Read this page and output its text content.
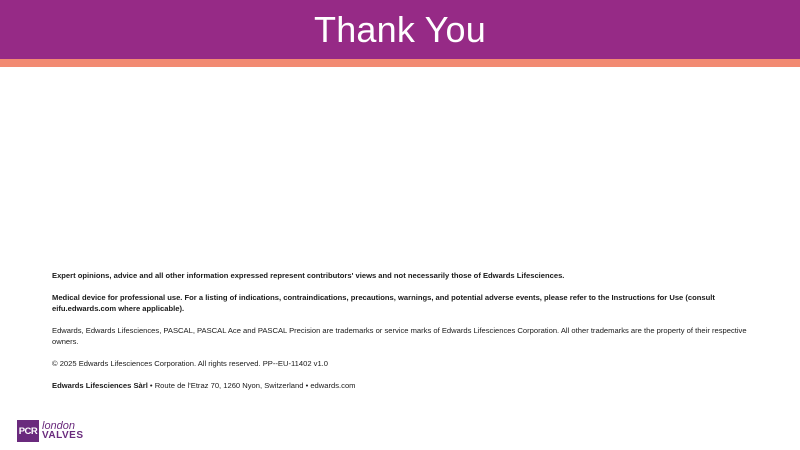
Thank You

Expert opinions, advice and all other information expressed represent contributors' views and not necessarily those of Edwards Lifesciences.

Medical device for professional use. For a listing of indications, contraindications, precautions, warnings, and potential adverse events, please refer to the Instructions for Use (consult eifu.edwards.com where applicable).

Edwards, Edwards Lifesciences, PASCAL, PASCAL Ace and PASCAL Precision are trademarks or service marks of Edwards Lifesciences Corporation. All other trademarks are the property of their respective owners.

© 2025 Edwards Lifesciences Corporation. All rights reserved. PP--EU-11402 v1.0

Edwards Lifesciences Sàrl • Route de l'Etraz 70, 1260 Nyon, Switzerland • edwards.com

PCR london
VALVES
